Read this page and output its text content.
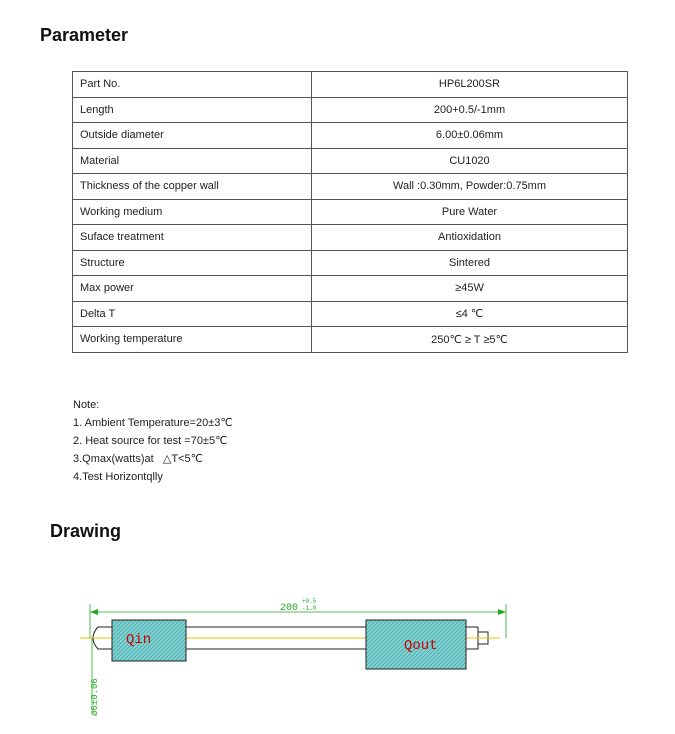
Parameter
Part No.	HP6L200SR
Length	200+0.5/-1mm
Outside diameter	6.00±0.06mm
Material	CU1020
Thickness of the copper wall	Wall :0.30mm, Powder:0.75mm
Working medium	Pure Water
Suface treatment	Antioxidation
Structure	Sintered
Max power	≥45W
Delta T	≤4 ℃
Working temperature	250℃ ≥ T ≥5℃
Note:
1. Ambient Temperature=20±3℃
2. Heat source for test =70±5℃
3.Qmax(watts)at   △T<5℃
4.Test Horizontqlly
Drawing
Qin	Qout
200
+0.5
-1.0
ø6±0.06
